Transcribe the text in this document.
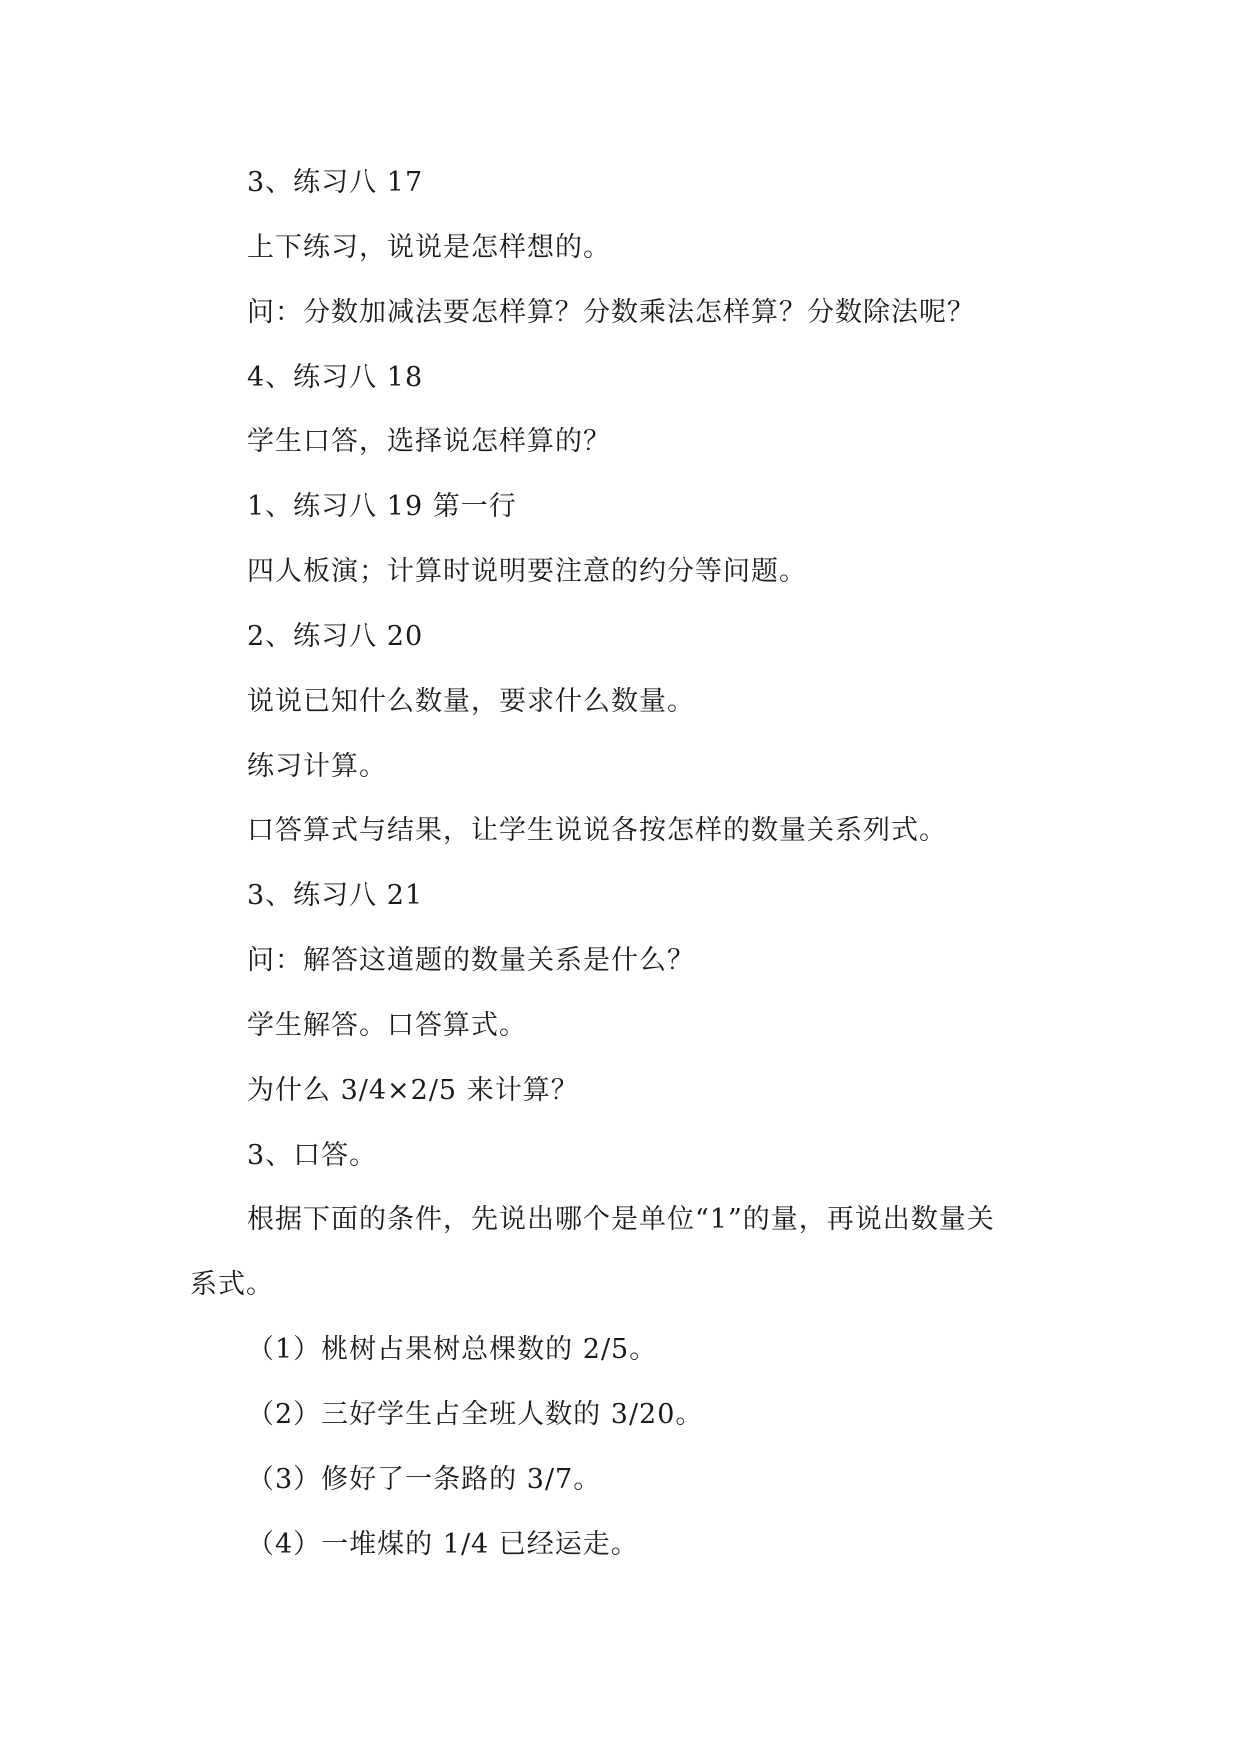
3、练习八 17
上下练习，说说是怎样想的。
问：分数加减法要怎样算？分数乘法怎样算？分数除法呢？
4、练习八 18
学生口答，选择说怎样算的？
1、练习八 19 第一行
四人板演；计算时说明要注意的约分等问题。
2、练习八 20
说说已知什么数量，要求什么数量。
练习计算。
口答算式与结果，让学生说说各按怎样的数量关系列式。
3、练习八 21
问：解答这道题的数量关系是什么？
学生解答。口答算式。
为什么 3/4×2/5 来计算？
3、口答。
根据下面的条件，先说出哪个是单位“1”的量，再说出数量关
系式。
（1）桃树占果树总棵数的 2/5。
（2）三好学生占全班人数的 3/20。
（3）修好了一条路的 3/7。
（4）一堆煤的 1/4 已经运走。
